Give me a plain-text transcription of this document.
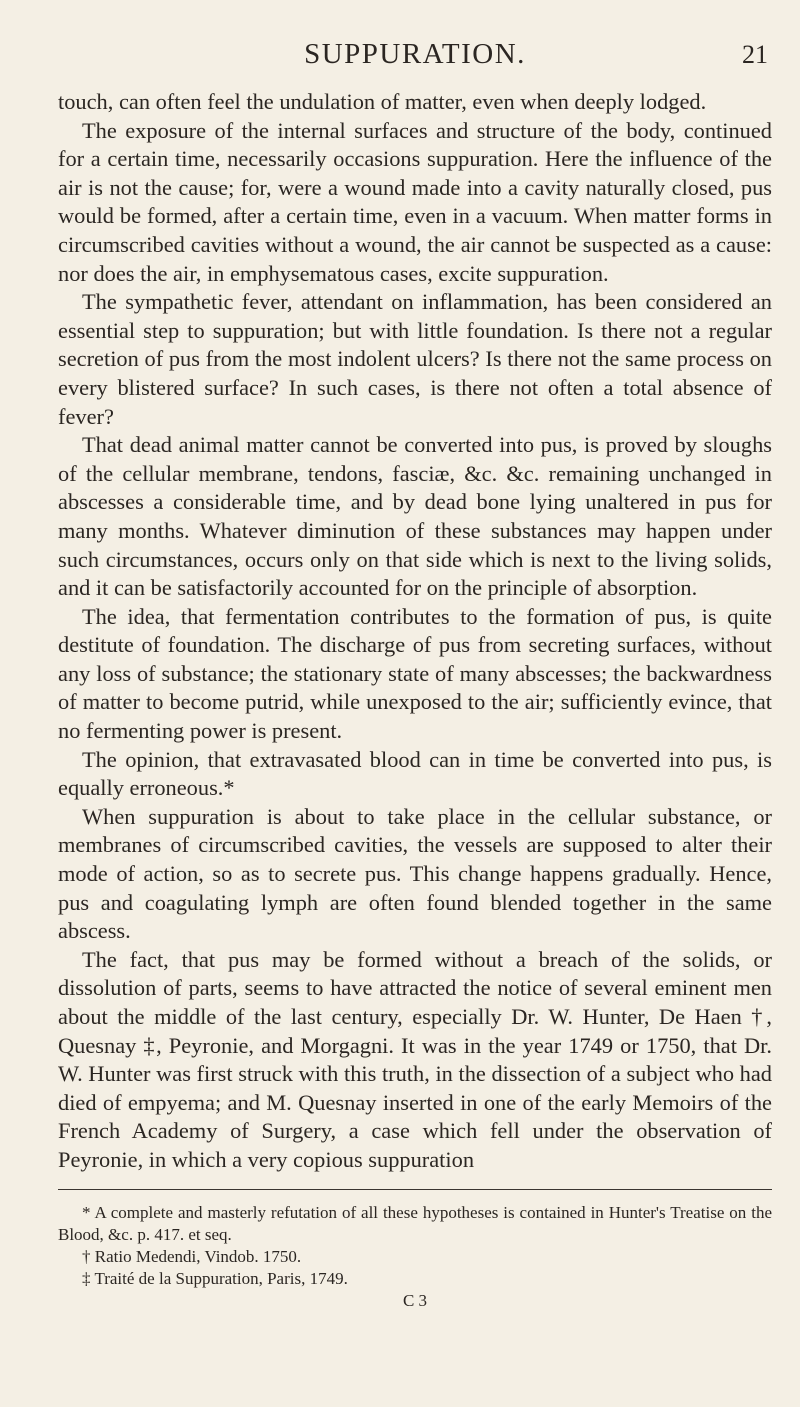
SUPPURATION.	21

touch, can often feel the undulation of matter, even when deeply lodged.

The exposure of the internal surfaces and structure of the body, continued for a certain time, necessarily occasions suppuration. Here the influence of the air is not the cause; for, were a wound made into a cavity naturally closed, pus would be formed, after a certain time, even in a vacuum. When matter forms in circumscribed cavities without a wound, the air cannot be suspected as a cause: nor does the air, in emphysematous cases, excite suppuration.

The sympathetic fever, attendant on inflammation, has been considered an essential step to suppuration; but with little foundation. Is there not a regular secretion of pus from the most indolent ulcers? Is there not the same process on every blistered surface? In such cases, is there not often a total absence of fever?

That dead animal matter cannot be converted into pus, is proved by sloughs of the cellular membrane, tendons, fasciæ, &c. &c. remaining unchanged in abscesses a considerable time, and by dead bone lying unaltered in pus for many months. Whatever diminution of these substances may happen under such circumstances, occurs only on that side which is next to the living solids, and it can be satisfactorily accounted for on the principle of absorption.

The idea, that fermentation contributes to the formation of pus, is quite destitute of foundation. The discharge of pus from secreting surfaces, without any loss of substance; the stationary state of many abscesses; the backwardness of matter to become putrid, while unexposed to the air; sufficiently evince, that no fermenting power is present.

The opinion, that extravasated blood can in time be converted into pus, is equally erroneous.*

When suppuration is about to take place in the cellular substance, or membranes of circumscribed cavities, the vessels are supposed to alter their mode of action, so as to secrete pus. This change happens gradually. Hence, pus and coagulating lymph are often found blended together in the same abscess.

The fact, that pus may be formed without a breach of the solids, or dissolution of parts, seems to have attracted the notice of several eminent men about the middle of the last century, especially Dr. W. Hunter, De Haen †, Quesnay ‡, Peyronie, and Morgagni. It was in the year 1749 or 1750, that Dr. W. Hunter was first struck with this truth, in the dissection of a subject who had died of empyema; and M. Quesnay inserted in one of the early Memoirs of the French Academy of Surgery, a case which fell under the observation of Peyronie, in which a very copious suppuration

* A complete and masterly refutation of all these hypotheses is contained in Hunter's Treatise on the Blood, &c. p. 417. et seq.

† Ratio Medendi, Vindob. 1750.

‡ Traité de la Suppuration, Paris, 1749.

C 3
